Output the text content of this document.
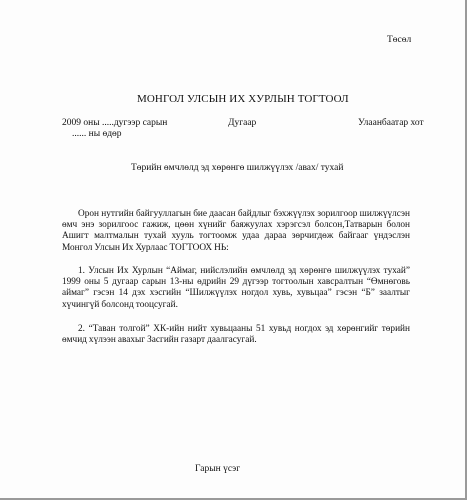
Төсөл
МОНГОЛ УЛСЫН ИХ ХУРЛЫН ТОГТООЛ
2009 оны .....дугээр сарын
...... ны өдөр
Дугаар	Улаанбаатар хот
Төрийн өмчлөлд эд хөрөнгө шилжүүлэх /авах/ тухай
Орон нутгийн байгууллагын бие даасан байдлыг бэхжүүлэх зорилгоор шилжүүлсэн өмч энэ зорилгоос гажиж, цөөн хүнийг баяжуулах хэрэгсэл болсон,Татварын болон Ашигт малтмалын тухай хууль тогтоомж удаа дараа зөрчигдөж байгааг үндэслэн Монгол Улсын Их Хурлаас ТОГТООХ НЬ:
1. Улсын Их Хурлын “Аймаг, нийслэлийн өмчлөлд эд хөрөнгө шилжүүлэх тухай” 1999 оны 5 дугаар сарын 13-ны өдрийн 29 дүгээр тогтоолын хавсралтын “Өмнөговь аймаг” гэсэн 14 дэх хэсгийн “Шилжүүлэх ногдол хувь, хувьцаа” гэсэн “Б” заалтыг хүчингүй болсонд тооцсугай.
2. “Таван толгой” ХК-ийн нийт хувьцааны 51 хувьд ногдох эд хөрөнгийг төрийн өмчид хүлээн авахыг Засгийн газарт даалгасугай.
Гарын үсэг
